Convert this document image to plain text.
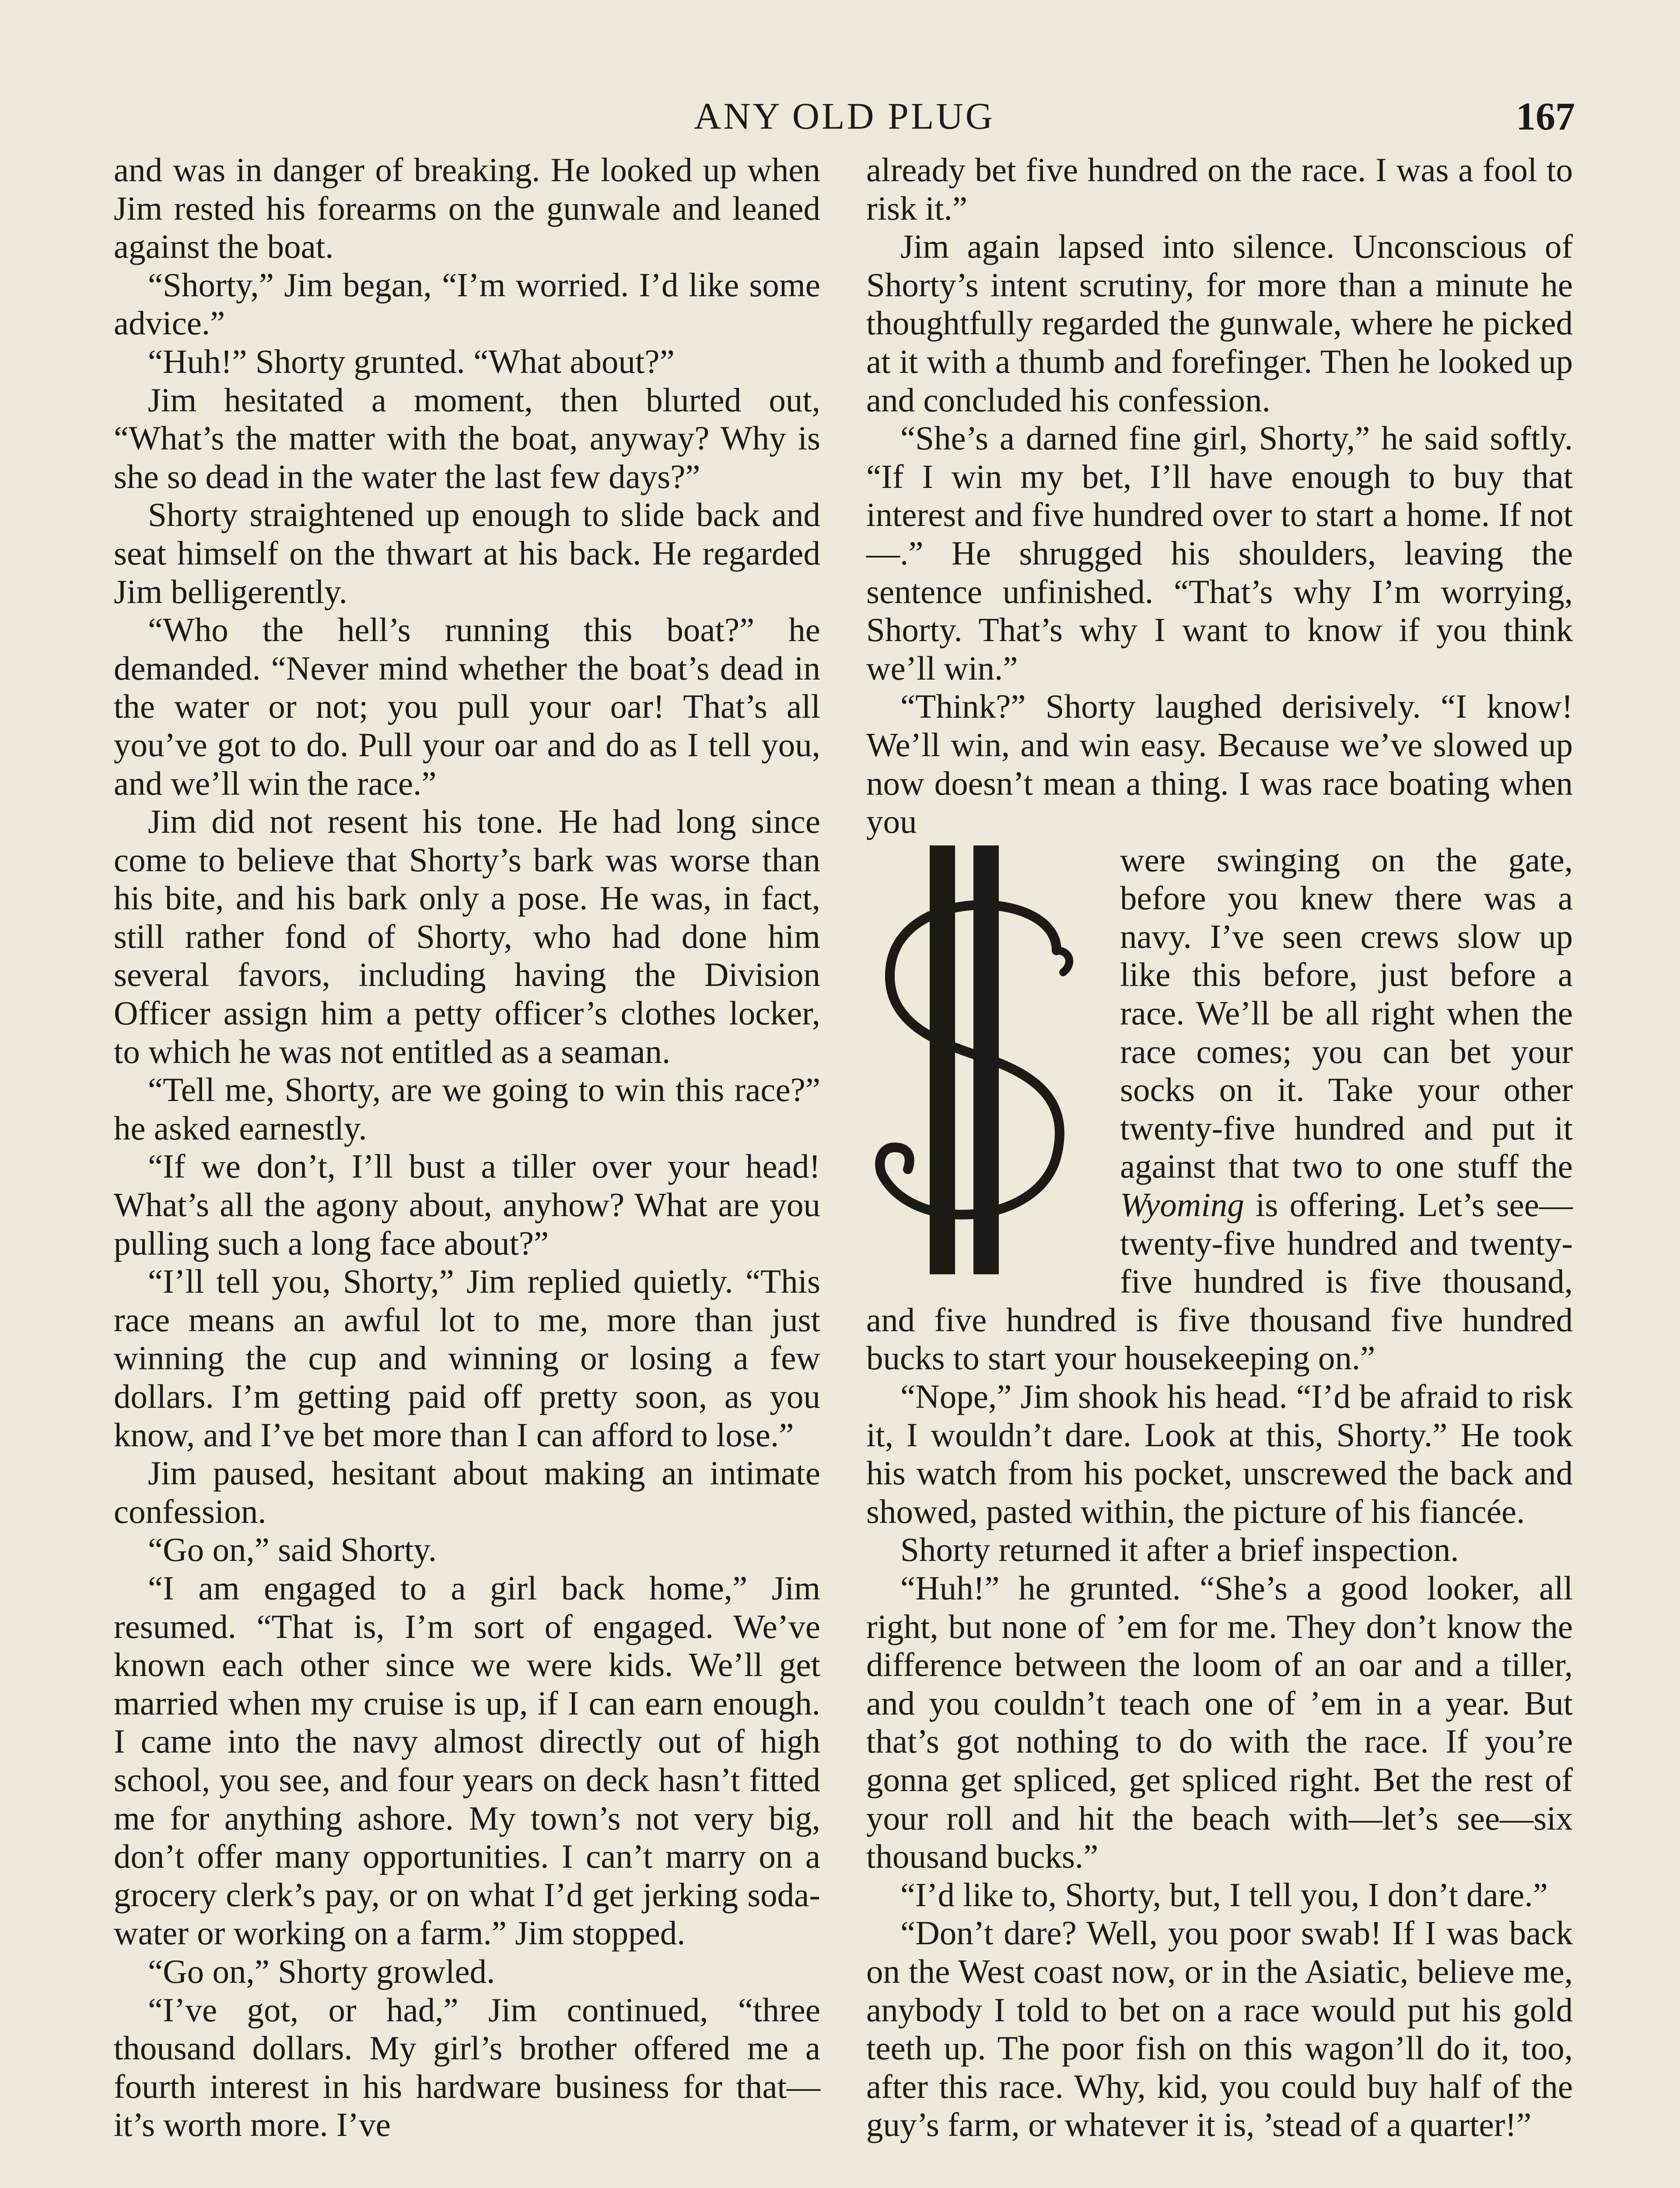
ANY OLD PLUG	167

and was in danger of breaking. He looked up when Jim rested his forearms on the gunwale and leaned against the boat.

“Shorty,” Jim began, “I’m worried. I’d like some advice.”

“Huh!” Shorty grunted. “What about?”

Jim hesitated a moment, then blurted out, “What’s the matter with the boat, anyway? Why is she so dead in the water the last few days?”

Shorty straightened up enough to slide back and seat himself on the thwart at his back. He regarded Jim belligerently.

“Who the hell’s running this boat?” he demanded. “Never mind whether the boat’s dead in the water or not; you pull your oar! That’s all you’ve got to do. Pull your oar and do as I tell you, and we’ll win the race.”

Jim did not resent his tone. He had long since come to believe that Shorty’s bark was worse than his bite, and his bark only a pose. He was, in fact, still rather fond of Shorty, who had done him several favors, including having the Division Officer assign him a petty officer’s clothes locker, to which he was not entitled as a seaman.

“Tell me, Shorty, are we going to win this race?” he asked earnestly.

“If we don’t, I’ll bust a tiller over your head! What’s all the agony about, anyhow? What are you pulling such a long face about?”

“I’ll tell you, Shorty,” Jim replied quietly. “This race means an awful lot to me, more than just winning the cup and winning or losing a few dollars. I’m getting paid off pretty soon, as you know, and I’ve bet more than I can afford to lose.”

Jim paused, hesitant about making an intimate confession.

“Go on,” said Shorty.

“I am engaged to a girl back home,” Jim resumed. “That is, I’m sort of engaged. We’ve known each other since we were kids. We’ll get married when my cruise is up, if I can earn enough. I came into the navy almost directly out of high school, you see, and four years on deck hasn’t fitted me for anything ashore. My town’s not very big, don’t offer many opportunities. I can’t marry on a grocery clerk’s pay, or on what I’d get jerking soda-water or working on a farm.” Jim stopped.

“Go on,” Shorty growled.

“I’ve got, or had,” Jim continued, “three thousand dollars. My girl’s brother offered me a fourth interest in his hardware business for that—it’s worth more. I’ve

already bet five hundred on the race. I was a fool to risk it.”

Jim again lapsed into silence. Unconscious of Shorty’s intent scrutiny, for more than a minute he thoughtfully regarded the gunwale, where he picked at it with a thumb and forefinger. Then he looked up and concluded his confession.

“She’s a darned fine girl, Shorty,” he said softly. “If I win my bet, I’ll have enough to buy that interest and five hundred over to start a home. If not—.” He shrugged his shoulders, leaving the sentence unfinished. “That’s why I’m worrying, Shorty. That’s why I want to know if you think we’ll win.”

“Think?” Shorty laughed derisively. “I know! We’ll win, and win easy. Because we’ve slowed up now doesn’t mean a thing. I was race boating when you

were swinging on the gate, before you knew there was a navy. I’ve seen crews slow up like this before, just before a race. We’ll be all right when the race comes; you can bet your socks on it. Take your other twenty-five hundred and put it against that two to one stuff the Wyoming is offering. Let’s see—twenty-five hundred and twenty-five hundred is five thousand, and five hundred is five thousand five hundred bucks to start your housekeeping on.”

“Nope,” Jim shook his head. “I’d be afraid to risk it, I wouldn’t dare. Look at this, Shorty.” He took his watch from his pocket, unscrewed the back and showed, pasted within, the picture of his fiancée.

Shorty returned it after a brief inspection.

“Huh!” he grunted. “She’s a good looker, all right, but none of ’em for me. They don’t know the difference between the loom of an oar and a tiller, and you couldn’t teach one of ’em in a year. But that’s got nothing to do with the race. If you’re gonna get spliced, get spliced right. Bet the rest of your roll and hit the beach with—let’s see—six thousand bucks.”

“I’d like to, Shorty, but, I tell you, I don’t dare.”

“Don’t dare? Well, you poor swab! If I was back on the West coast now, or in the Asiatic, believe me, anybody I told to bet on a race would put his gold teeth up. The poor fish on this wagon’ll do it, too, after this race. Why, kid, you could buy half of the guy’s farm, or whatever it is, ’stead of a quarter!”
